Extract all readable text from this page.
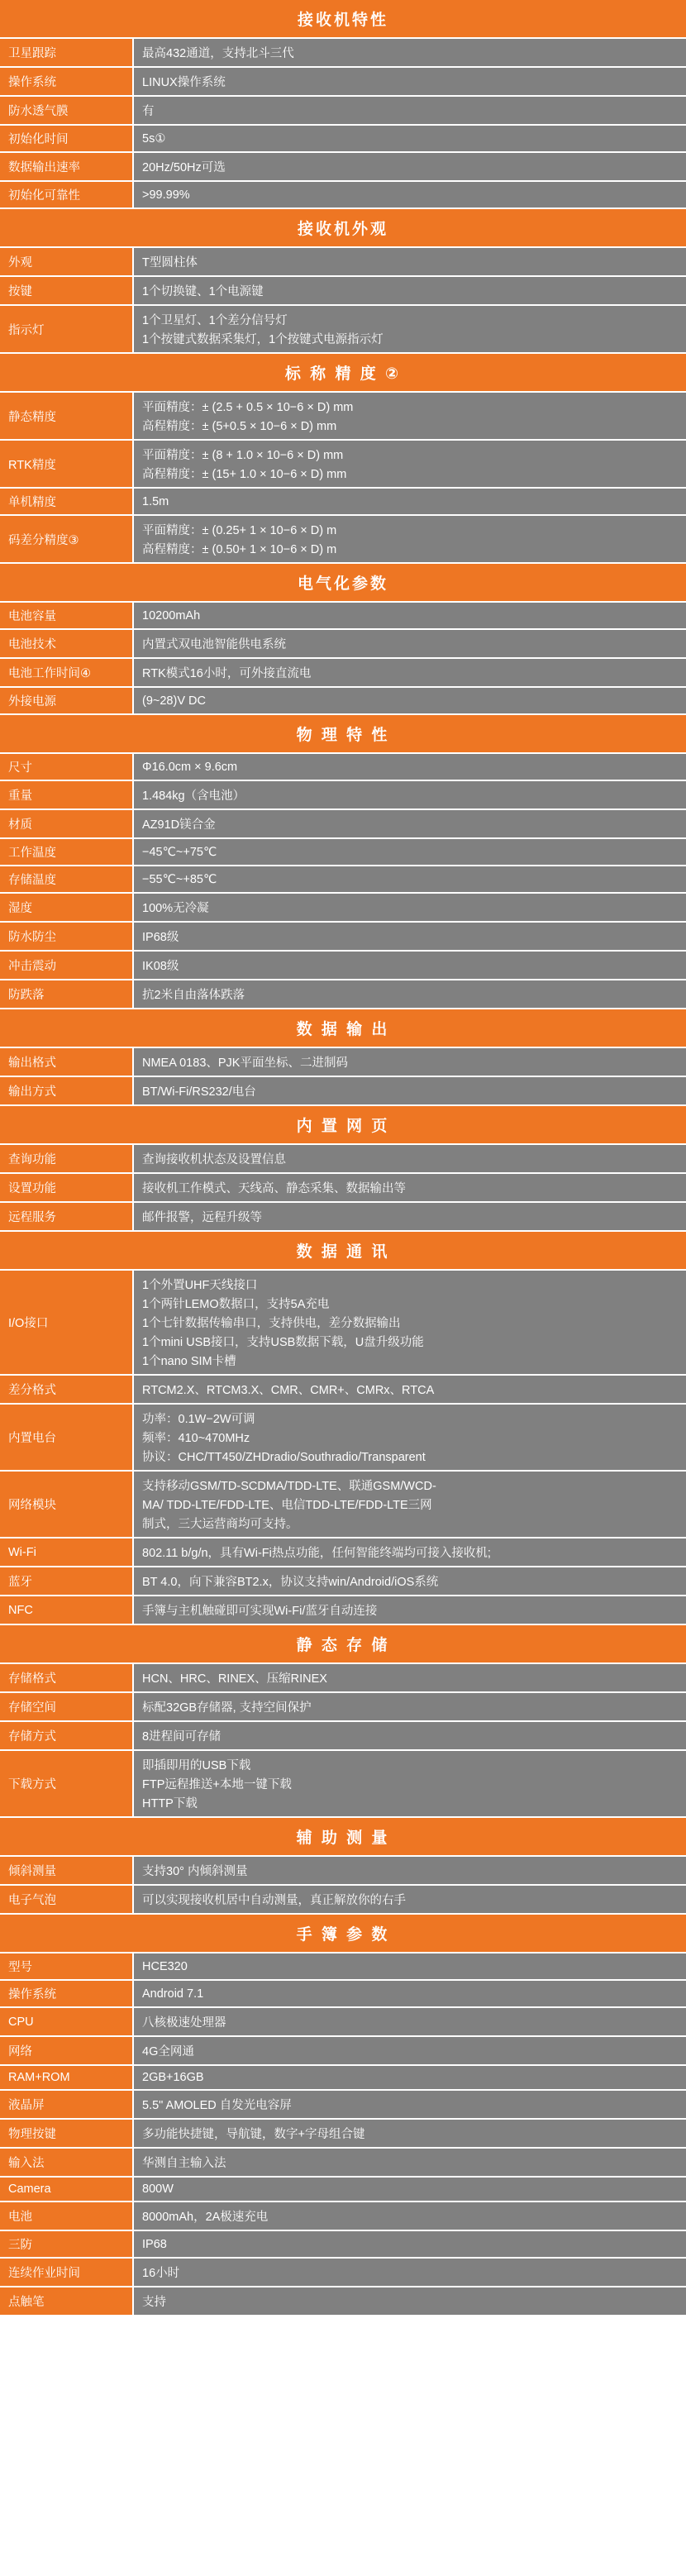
接收机特性
卫星跟踪	最高432通道，支持北斗三代

操作系统	LINUX操作系统

防水透气膜	有

初始化时间	5s①

数据输出速率	20Hz/50Hz可选

初始化可靠性	>99.99%
接收机外观
外观	T型圆柱体

按键	1个切换键、1个电源键

指示灯	1个卫星灯、1个差分信号灯
1个按键式数据采集灯，1个按键式电源指示灯
标 称 精 度 ②
静态精度	平面精度：± (2.5 + 0.5 × 10−6 × D) mm
高程精度：± (5+0.5 × 10−6 × D) mm

RTK精度	平面精度：± (8 + 1.0 × 10−6 × D) mm
高程精度：± (15+ 1.0 × 10−6 × D) mm

单机精度	1.5m

码差分精度③	平面精度：± (0.25+ 1 × 10−6 × D) m
高程精度：± (0.50+ 1 × 10−6 × D) m
电气化参数
电池容量	10200mAh

电池技术	内置式双电池智能供电系统

电池工作时间④	RTK模式16小时，可外接直流电

外接电源	(9~28)V DC
物 理 特 性
尺寸	Φ16.0cm × 9.6cm

重量	1.484kg（含电池）

材质	AZ91D镁合金

工作温度	−45℃~+75℃

存储温度	−55℃~+85℃

湿度	100%无冷凝

防水防尘	IP68级

冲击震动	IK08级

防跌落	抗2米自由落体跌落
数 据 输 出
输出格式	NMEA 0183、PJK平面坐标、二进制码

输出方式	BT/Wi-Fi/RS232/电台
内 置 网 页
查询功能	查询接收机状态及设置信息

设置功能	接收机工作模式、天线高、静态采集、数据输出等

远程服务	邮件报警，远程升级等
数 据 通 讯
I/O接口	1个外置UHF天线接口
1个两针LEMO数据口，支持5A充电
1个七针数据传输串口，支持供电，差分数据输出
1个mini USB接口，支持USB数据下载，U盘升级功能
1个nano SIM卡槽

差分格式	RTCM2.X、RTCM3.X、CMR、CMR+、CMRx、RTCA

内置电台	功率：0.1W−2W可调
频率：410~470MHz
协议：CHC/TT450/ZHDradio/Southradio/Transparent

网络模块	支持移动GSM/TD-SCDMA/TDD-LTE、联通GSM/WCD-
MA/ TDD-LTE/FDD-LTE、电信TDD-LTE/FDD-LTE三网
制式，三大运营商均可支持。

Wi-Fi	802.11 b/g/n，具有Wi-Fi热点功能，任何智能终端均可接入接收机;

蓝牙	BT 4.0，向下兼容BT2.x，协议支持win/Android/iOS系统

NFC	手簿与主机触碰即可实现Wi-Fi/蓝牙自动连接
静 态 存 储
存储格式	HCN、HRC、RINEX、压缩RINEX

存储空间	标配32GB存储器, 支持空间保护

存储方式	8进程间可存储

下载方式	即插即用的USB下载
FTP远程推送+本地一键下载
HTTP下载
辅 助 测 量
倾斜测量	支持30° 内倾斜测量

电子气泡	可以实现接收机居中自动测量，真正解放你的右手
手 簿 参 数
型号	HCE320

操作系统	Android 7.1

CPU	八核极速处理器

网络	4G全网通

RAM+ROM	2GB+16GB

液晶屏	5.5" AMOLED 自发光电容屏

物理按键	多功能快捷键，导航键，数字+字母组合键

输入法	华测自主输入法

Camera	800W

电池	8000mAh，2A极速充电

三防	IP68

连续作业时间	16小时

点触笔	支持
